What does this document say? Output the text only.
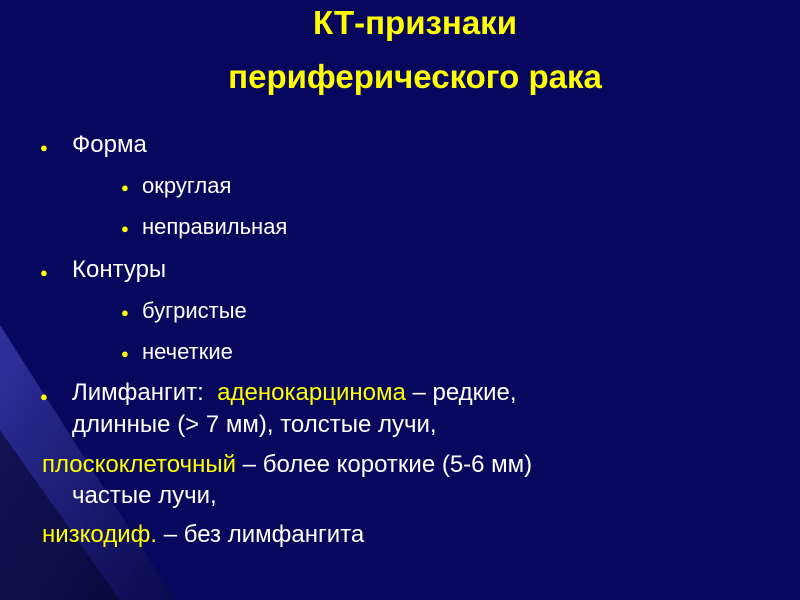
КТ-признаки
периферического рака
● Форма
● округлая
● неправильная
● Контуры
● бугристые
● нечеткие
● Лимфангит: аденокарцинома – редкие,
длинные (> 7 мм), толстые лучи,
плоскоклеточный – более короткие (5-6 мм)
частые лучи,
низкодиф. – без лимфангита
